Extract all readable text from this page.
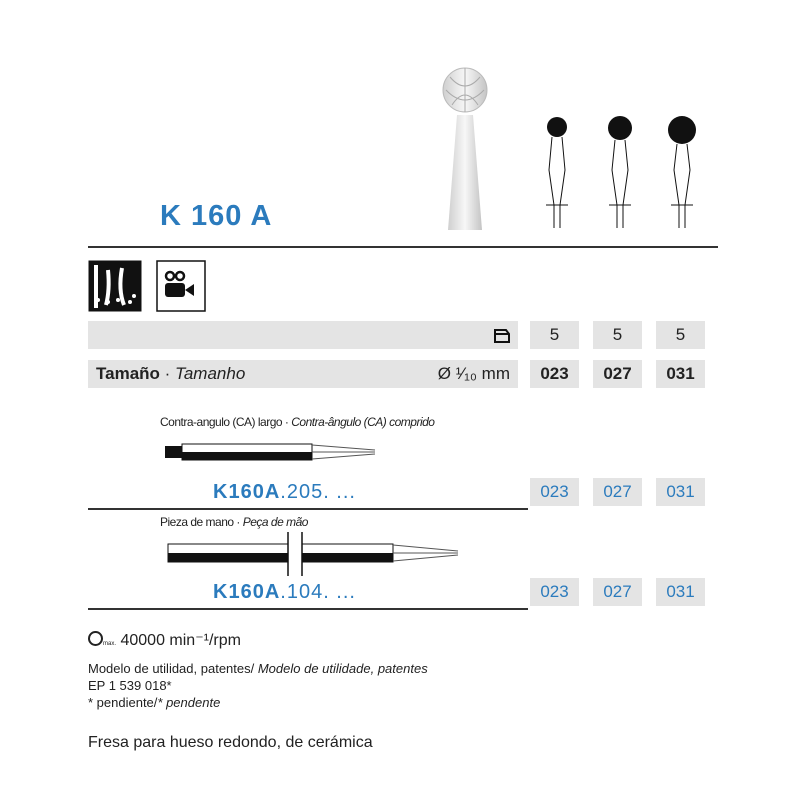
K 160 A
5	5	5
Tamaño · Tamanho	Ø ¹⁄₁₀ mm	023	027	031
Contra-angulo (CA) largo · Contra-ângulo (CA) comprido
K160A.205. ...	023	027	031
Pieza de mano · Peça de mão
K160A.104. ...	023	027	031
max. 40000 min⁻¹/rpm
Modelo de utilidad, patentes/ Modelo de utilidade, patentes
EP 1 539 018*
* pendiente/* pendente
Fresa para hueso redondo, de cerámica
